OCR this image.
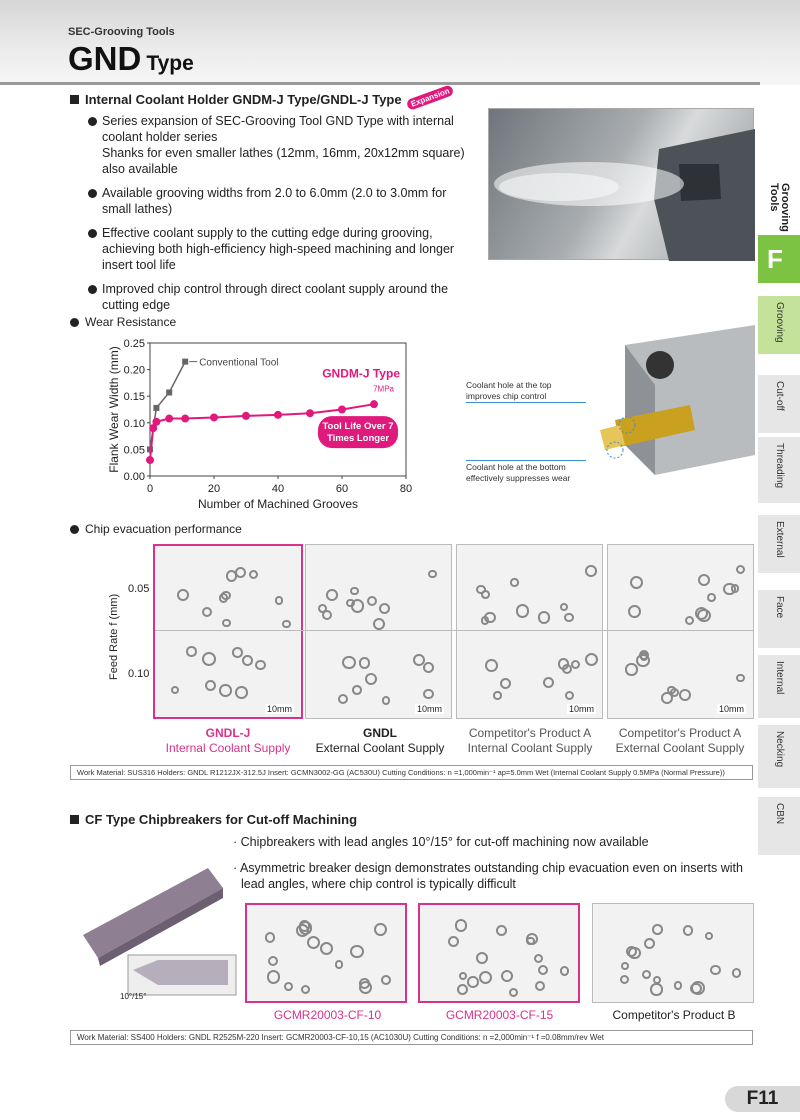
SEC-Grooving Tools
GND Type
Grooving Tools
F
Grooving
Cut-off
Threading
External
Face
Internal
Necking
CBN
Internal Coolant Holder GNDM-J Type/GNDL-J Type Expansion
Series expansion of SEC-Grooving Tool GND Type with internal coolant holder series
Shanks for even smaller lathes (12mm, 16mm, 20x12mm square) also available
Available grooving widths from 2.0 to 6.0mm (2.0 to 3.0mm for small lathes)
Effective coolant supply to the cutting edge during grooving, achieving both high-efficiency high-speed machining and longer insert tool life
Improved chip control through direct coolant supply around the cutting edge
Wear Resistance
0.00
0.05
0.10
0.15
0.20
0.25
0	20	40	60	80
Number of Machined Grooves
Flank Wear Width (mm)	Conventional Tool
GNDM-J Type
7MPa
Tool Life Over 7
Times Longer
Coolant hole at the top improves chip control
Coolant hole at the bottom effectively suppresses wear
Chip evacuation performance
Feed Rate f (mm)
0.05
0.10
10mm	10mm	10mm	10mm
GNDL-J
Internal Coolant Supply
GNDL
External Coolant Supply
Competitor's Product A
Internal Coolant Supply
Competitor's Product A
External Coolant Supply
Work Material: SUS316 Holders: GNDL R1212JX-312.5J Insert: GCMN3002-GG (AC530U) Cutting Conditions: n =1,000min⁻¹ ap=5.0mm Wet (Internal Coolant Supply 0.5MPa (Normal Pressure))
CF Type Chipbreakers for Cut-off Machining
· Chipbreakers with lead angles 10°/15° for cut-off machining now available
· Asymmetric breaker design demonstrates outstanding chip evacuation even on inserts with lead angles, where chip control is typically difficult
10°/15°
GCMR20003-CF-10	GCMR20003-CF-15	Competitor's Product B
Work Material: SS400 Holders: GNDL R2525M-220 Insert: GCMR20003-CF-10,15 (AC1030U) Cutting Conditions: n =2,000min⁻¹ f =0.08mm/rev Wet
F11
